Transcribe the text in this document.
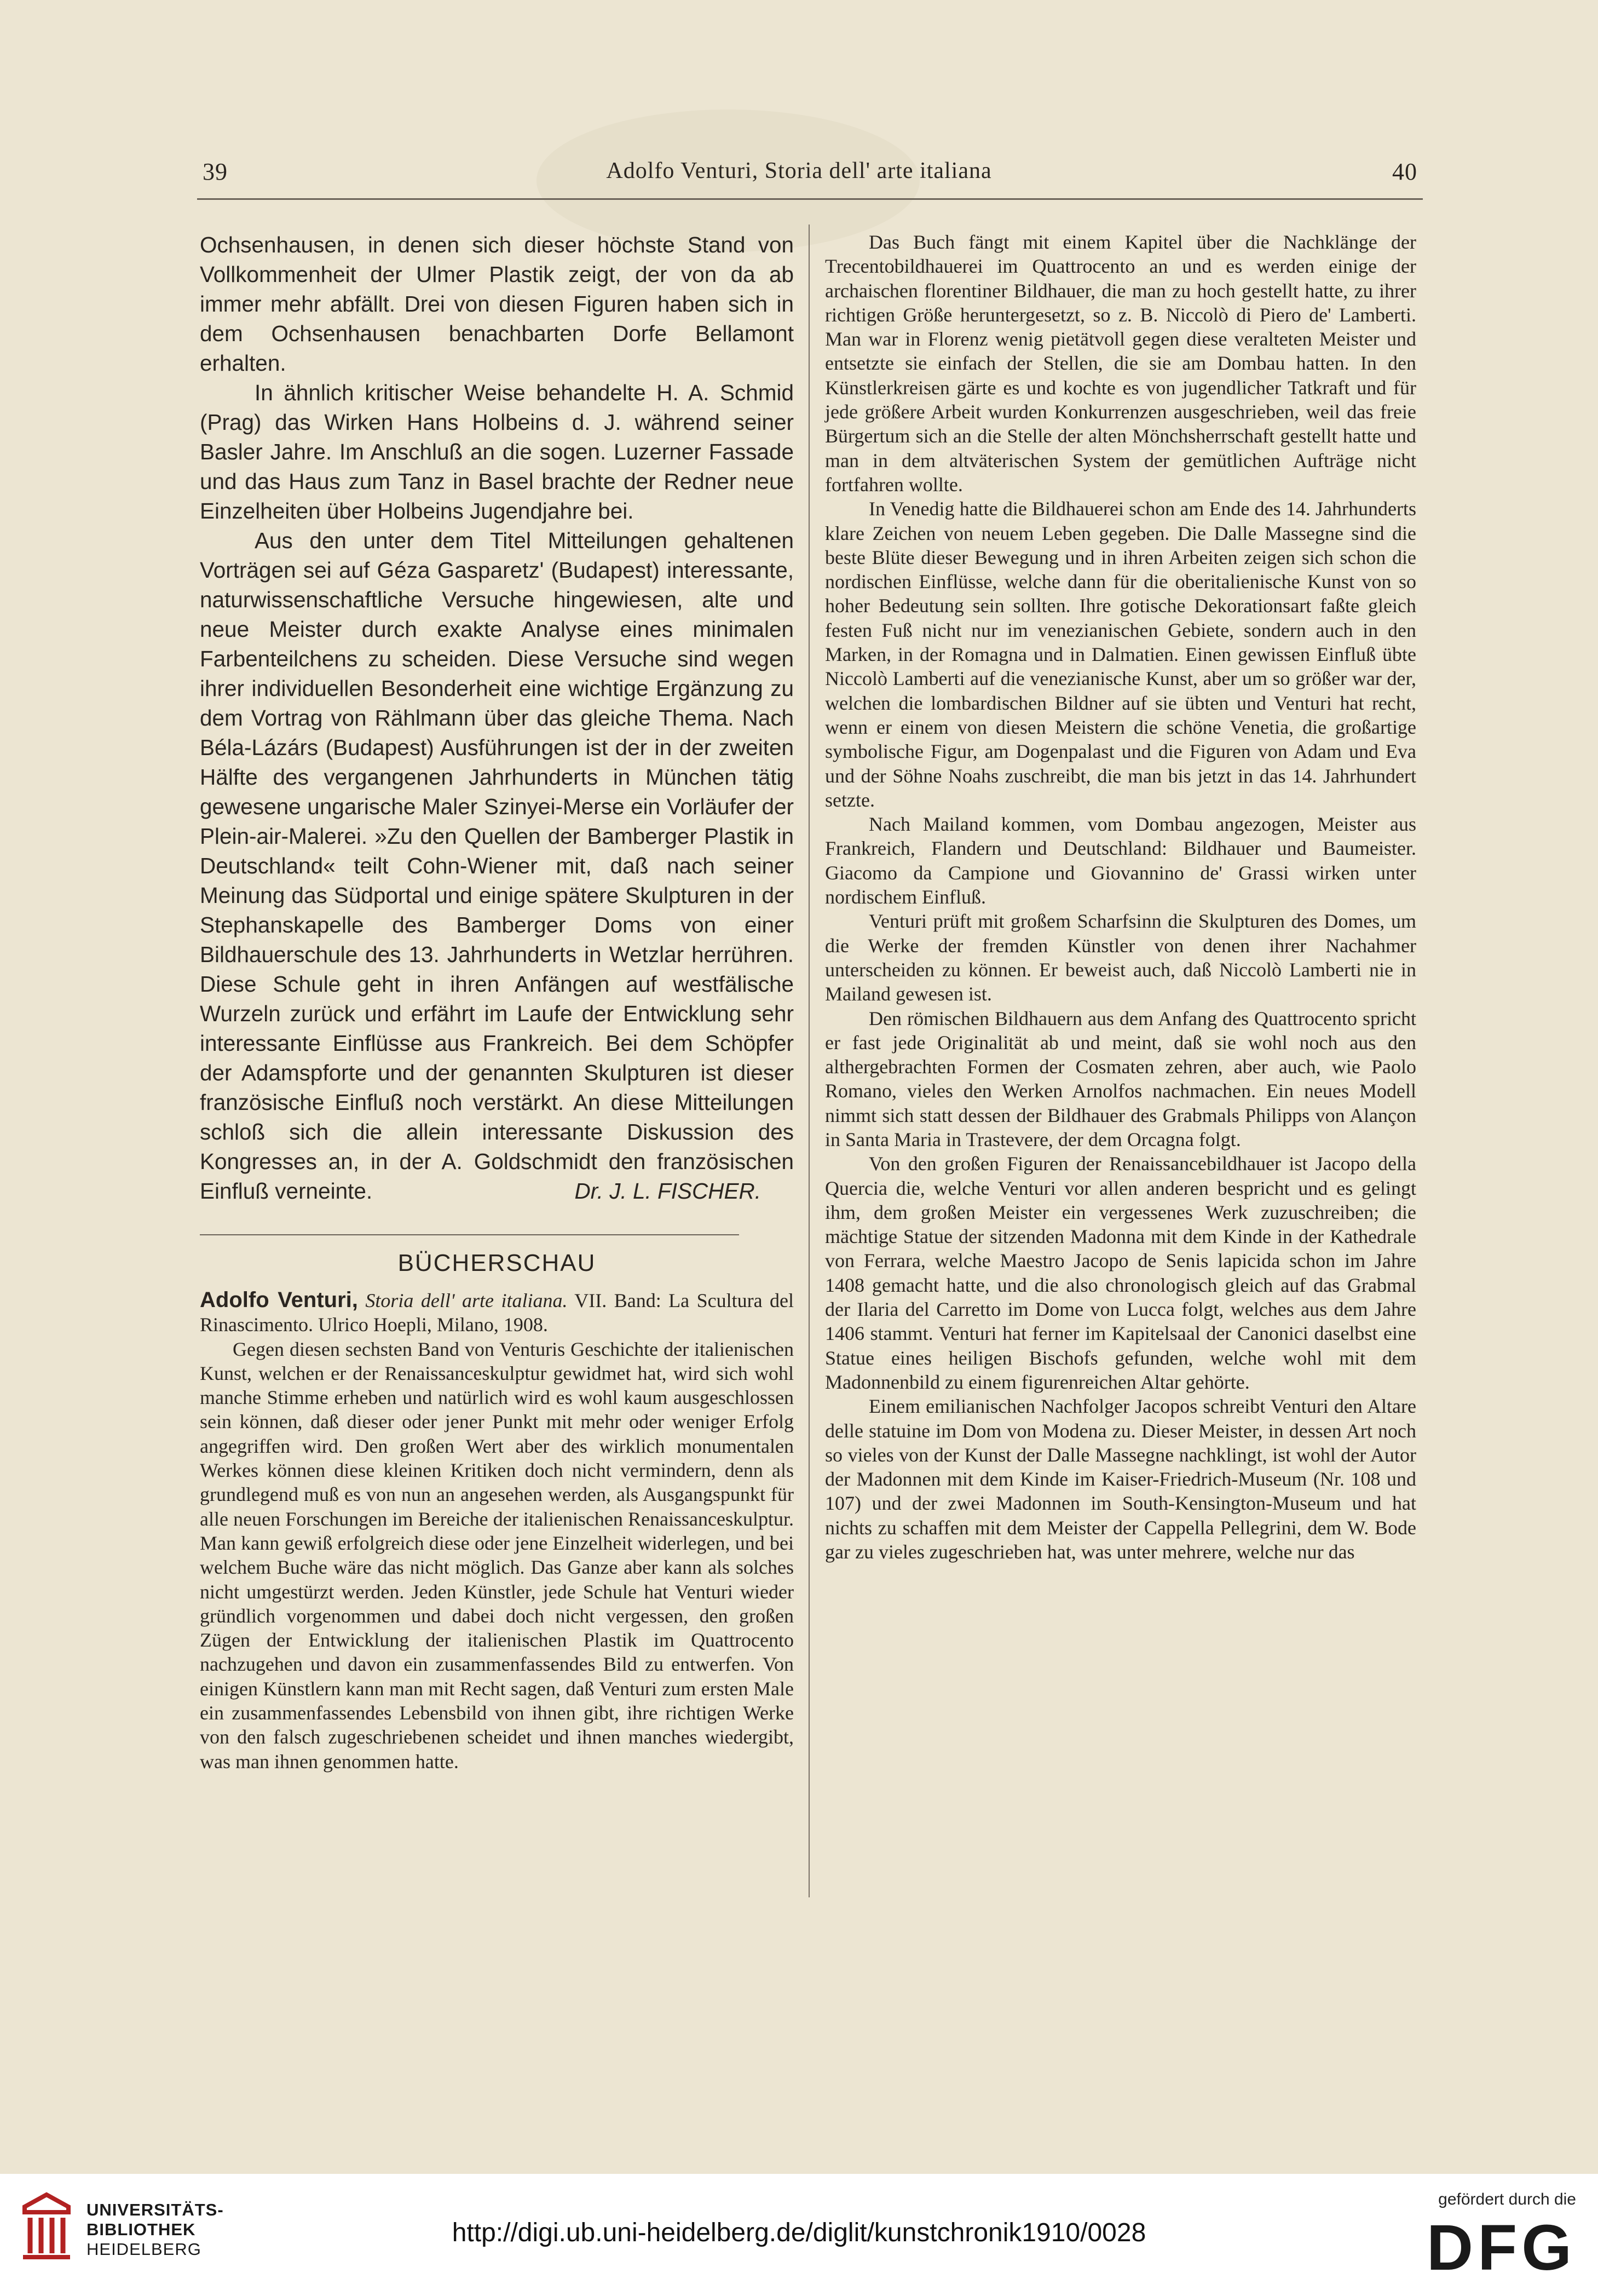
39	Adolfo Venturi, Storia dell' arte italiana	40

Ochsenhausen, in denen sich dieser höchste Stand von Vollkommenheit der Ulmer Plastik zeigt, der von da ab immer mehr abfällt. Drei von diesen Figuren haben sich in dem Ochsenhausen benachbarten Dorfe Bellamont erhalten.

In ähnlich kritischer Weise behandelte H. A. Schmid (Prag) das Wirken Hans Holbeins d. J. während seiner Basler Jahre. Im Anschluß an die sogen. Luzerner Fassade und das Haus zum Tanz in Basel brachte der Redner neue Einzelheiten über Holbeins Jugendjahre bei.

Aus den unter dem Titel Mitteilungen gehaltenen Vorträgen sei auf Géza Gasparetz' (Budapest) interessante, naturwissenschaftliche Versuche hingewiesen, alte und neue Meister durch exakte Analyse eines minimalen Farbenteilchens zu scheiden. Diese Versuche sind wegen ihrer individuellen Besonderheit eine wichtige Ergänzung zu dem Vortrag von Rählmann über das gleiche Thema. Nach Béla-Lázárs (Budapest) Ausführungen ist der in der zweiten Hälfte des vergangenen Jahrhunderts in München tätig gewesene ungarische Maler Szinyei-Merse ein Vorläufer der Plein-air-Malerei. »Zu den Quellen der Bamberger Plastik in Deutschland« teilt Cohn-Wiener mit, daß nach seiner Meinung das Südportal und einige spätere Skulpturen in der Stephanskapelle des Bamberger Doms von einer Bildhauerschule des 13. Jahrhunderts in Wetzlar herrühren. Diese Schule geht in ihren Anfängen auf westfälische Wurzeln zurück und erfährt im Laufe der Entwicklung sehr interessante Einflüsse aus Frankreich. Bei dem Schöpfer der Adamspforte und der genannten Skulpturen ist dieser französische Einfluß noch verstärkt. An diese Mitteilungen schloß sich die allein interessante Diskussion des Kongresses an, in der A. Goldschmidt den französischen Einfluß verneinte.	Dr. J. L. FISCHER.
BÜCHERSCHAU

Adolfo Venturi, Storia dell' arte italiana. VII. Band: La Scultura del Rinascimento. Ulrico Hoepli, Milano, 1908.

Gegen diesen sechsten Band von Venturis Geschichte der italienischen Kunst, welchen er der Renaissanceskulptur gewidmet hat, wird sich wohl manche Stimme erheben und natürlich wird es wohl kaum ausgeschlossen sein können, daß dieser oder jener Punkt mit mehr oder weniger Erfolg angegriffen wird. Den großen Wert aber des wirklich monumentalen Werkes können diese kleinen Kritiken doch nicht vermindern, denn als grundlegend muß es von nun an angesehen werden, als Ausgangspunkt für alle neuen Forschungen im Bereiche der italienischen Renaissanceskulptur. Man kann gewiß erfolgreich diese oder jene Einzelheit widerlegen, und bei welchem Buche wäre das nicht möglich. Das Ganze aber kann als solches nicht umgestürzt werden. Jeden Künstler, jede Schule hat Venturi wieder gründlich vorgenommen und dabei doch nicht vergessen, den großen Zügen der Entwicklung der italienischen Plastik im Quattrocento nachzugehen und davon ein zusammenfassendes Bild zu entwerfen. Von einigen Künstlern kann man mit Recht sagen, daß Venturi zum ersten Male ein zusammenfassendes Lebensbild von ihnen gibt, ihre richtigen Werke von den falsch zugeschriebenen scheidet und ihnen manches wiedergibt, was man ihnen genommen hatte.

Das Buch fängt mit einem Kapitel über die Nachklänge der Trecentobildhauerei im Quattrocento an und es werden einige der archaischen florentiner Bildhauer, die man zu hoch gestellt hatte, zu ihrer richtigen Größe heruntergesetzt, so z. B. Niccolò di Piero de' Lamberti. Man war in Florenz wenig pietätvoll gegen diese veralteten Meister und entsetzte sie einfach der Stellen, die sie am Dombau hatten. In den Künstlerkreisen gärte es und kochte es von jugendlicher Tatkraft und für jede größere Arbeit wurden Konkurrenzen ausgeschrieben, weil das freie Bürgertum sich an die Stelle der alten Mönchsherrschaft gestellt hatte und man in dem altväterischen System der gemütlichen Aufträge nicht fortfahren wollte.

In Venedig hatte die Bildhauerei schon am Ende des 14. Jahrhunderts klare Zeichen von neuem Leben gegeben. Die Dalle Massegne sind die beste Blüte dieser Bewegung und in ihren Arbeiten zeigen sich schon die nordischen Einflüsse, welche dann für die oberitalienische Kunst von so hoher Bedeutung sein sollten. Ihre gotische Dekorationsart faßte gleich festen Fuß nicht nur im venezianischen Gebiete, sondern auch in den Marken, in der Romagna und in Dalmatien. Einen gewissen Einfluß übte Niccolò Lamberti auf die venezianische Kunst, aber um so größer war der, welchen die lombardischen Bildner auf sie übten und Venturi hat recht, wenn er einem von diesen Meistern die schöne Venetia, die großartige symbolische Figur, am Dogenpalast und die Figuren von Adam und Eva und der Söhne Noahs zuschreibt, die man bis jetzt in das 14. Jahrhundert setzte.

Nach Mailand kommen, vom Dombau angezogen, Meister aus Frankreich, Flandern und Deutschland: Bildhauer und Baumeister. Giacomo da Campione und Giovannino de' Grassi wirken unter nordischem Einfluß.

Venturi prüft mit großem Scharfsinn die Skulpturen des Domes, um die Werke der fremden Künstler von denen ihrer Nachahmer unterscheiden zu können. Er beweist auch, daß Niccolò Lamberti nie in Mailand gewesen ist.

Den römischen Bildhauern aus dem Anfang des Quattrocento spricht er fast jede Originalität ab und meint, daß sie wohl noch aus den althergebrachten Formen der Cosmaten zehren, aber auch, wie Paolo Romano, vieles den Werken Arnolfos nachmachen. Ein neues Modell nimmt sich statt dessen der Bildhauer des Grabmals Philipps von Alançon in Santa Maria in Trastevere, der dem Orcagna folgt.

Von den großen Figuren der Renaissancebildhauer ist Jacopo della Quercia die, welche Venturi vor allen anderen bespricht und es gelingt ihm, dem großen Meister ein vergessenes Werk zuzuschreiben; die mächtige Statue der sitzenden Madonna mit dem Kinde in der Kathedrale von Ferrara, welche Maestro Jacopo de Senis lapicida schon im Jahre 1408 gemacht hatte, und die also chronologisch gleich auf das Grabmal der Ilaria del Carretto im Dome von Lucca folgt, welches aus dem Jahre 1406 stammt. Venturi hat ferner im Kapitelsaal der Canonici daselbst eine Statue eines heiligen Bischofs gefunden, welche wohl mit dem Madonnenbild zu einem figurenreichen Altar gehörte.

Einem emilianischen Nachfolger Jacopos schreibt Venturi den Altare delle statuine im Dom von Modena zu. Dieser Meister, in dessen Art noch so vieles von der Kunst der Dalle Massegne nachklingt, ist wohl der Autor der Madonnen mit dem Kinde im Kaiser-Friedrich-Museum (Nr. 108 und 107) und der zwei Madonnen im South-Kensington-Museum und hat nichts zu schaffen mit dem Meister der Cappella Pellegrini, dem W. Bode gar zu vieles zugeschrieben hat, was unter mehrere, welche nur das

UNIVERSITÄTS-
BIBLIOTHEK
HEIDELBERG
http://digi.ub.uni-heidelberg.de/diglit/kunstchronik1910/0028
gefördert durch die
DFG
